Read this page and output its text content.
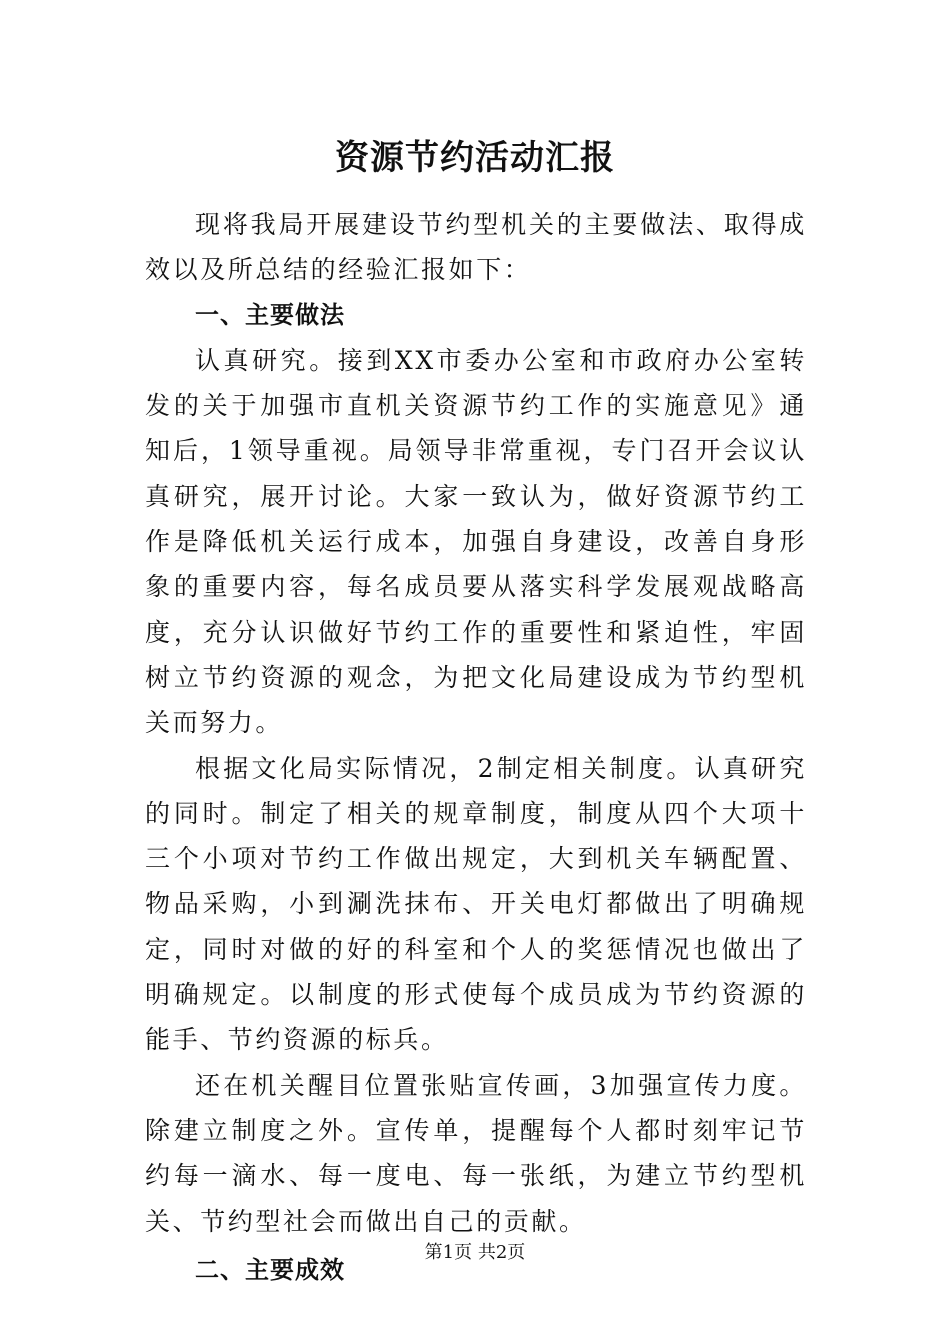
资源节约活动汇报

现将我局开展建设节约型机关的主要做法、取得成效以及所总结的经验汇报如下：

一、主要做法

认真研究。接到XX市委办公室和市政府办公室转发的关于加强市直机关资源节约工作的实施意见》通知后，1领导重视。局领导非常重视，专门召开会议认真研究，展开讨论。大家一致认为，做好资源节约工作是降低机关运行成本，加强自身建设，改善自身形象的重要内容，每名成员要从落实科学发展观战略高度，充分认识做好节约工作的重要性和紧迫性，牢固树立节约资源的观念，为把文化局建设成为节约型机关而努力。

根据文化局实际情况，2制定相关制度。认真研究的同时。制定了相关的规章制度，制度从四个大项十三个小项对节约工作做出规定，大到机关车辆配置、物品采购，小到涮洗抹布、开关电灯都做出了明确规定，同时对做的好的科室和个人的奖惩情况也做出了明确规定。以制度的形式使每个成员成为节约资源的能手、节约资源的标兵。

还在机关醒目位置张贴宣传画，3加强宣传力度。除建立制度之外。宣传单，提醒每个人都时刻牢记节约每一滴水、每一度电、每一张纸，为建立节约型机关、节约型社会而做出自己的贡献。

二、主要成效

第1页 共2页
